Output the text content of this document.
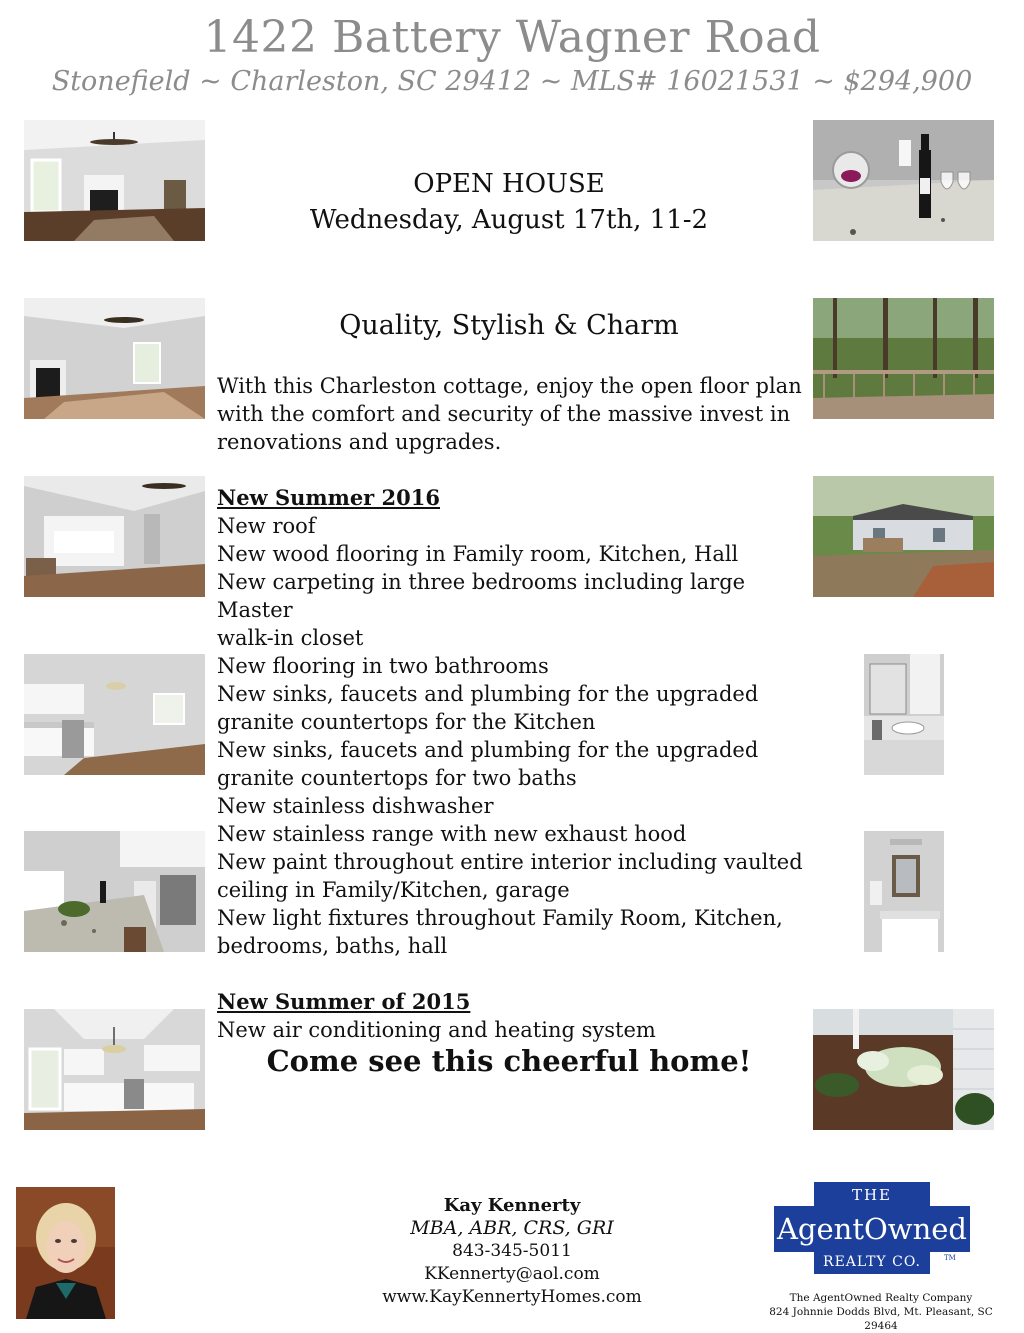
1422 Battery Wagner Road
Stonefield ~ Charleston, SC 29412 ~ MLS# 16021531 ~ $294,900
OPEN HOUSE
Wednesday, August 17th, 11-2
Quality, Stylish & Charm

With this Charleston cottage, enjoy the open floor plan

with the comfort and security of the massive invest in

renovations and upgrades.

New Summer 2016

New roof

New wood flooring in Family room, Kitchen, Hall

New carpeting in three bedrooms including large Master

walk-in closet

New flooring in two bathrooms

New sinks, faucets and plumbing for the upgraded

granite countertops for the Kitchen

New sinks, faucets and plumbing for the upgraded

granite countertops for two baths

New stainless dishwasher

New stainless range with new exhaust hood

New paint throughout entire interior including vaulted

ceiling in Family/Kitchen, garage

New light fixtures throughout Family Room, Kitchen,

bedrooms, baths, hall

New Summer of 2015

New air conditioning and heating system

Come see this cheerful home!
Kay Kennerty
MBA, ABR, CRS, GRI
843-345-5011
KKennerty@aol.com
www.KayKennertyHomes.com
THE
AgentOwned
REALTY CO.	TM
The AgentOwned Realty Company
824 Johnnie Dodds Blvd, Mt. Pleasant, SC 29464
